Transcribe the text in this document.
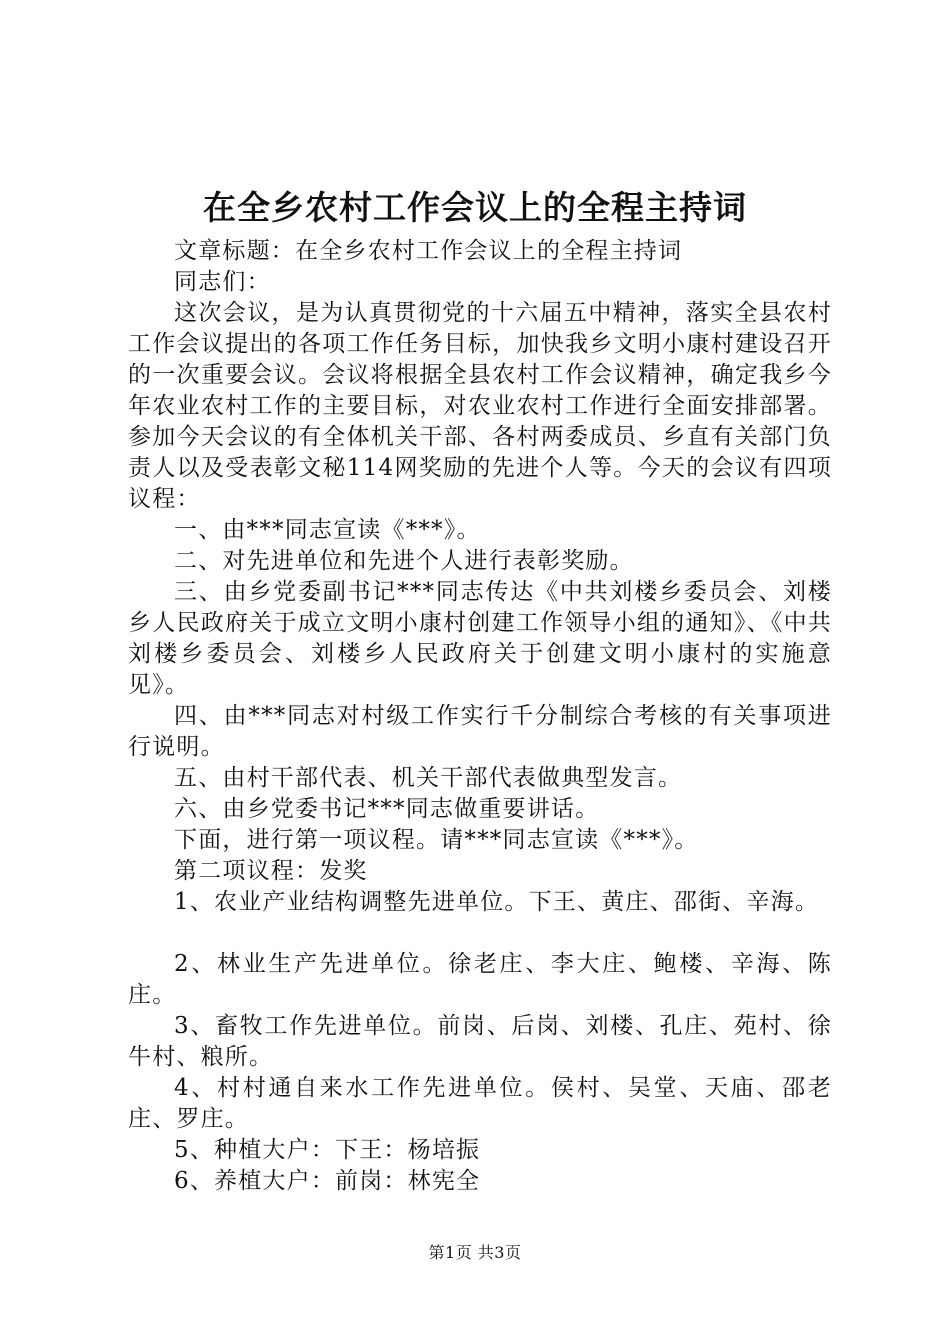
在全乡农村工作会议上的全程主持词

文章标题：在全乡农村工作会议上的全程主持词

同志们：

这次会议，是为认真贯彻党的十六届五中精神，落实全县农村工作会议提出的各项工作任务目标，加快我乡文明小康村建设召开的一次重要会议。会议将根据全县农村工作会议精神，确定我乡今年农业农村工作的主要目标，对农业农村工作进行全面安排部署。参加今天会议的有全体机关干部、各村两委成员、乡直有关部门负责人以及受表彰文秘114网奖励的先进个人等。今天的会议有四项议程：

一、由***同志宣读《***》。

二、对先进单位和先进个人进行表彰奖励。

三、由乡党委副书记***同志传达《中共刘楼乡委员会、刘楼乡人民政府关于成立文明小康村创建工作领导小组的通知》、《中共刘楼乡委员会、刘楼乡人民政府关于创建文明小康村的实施意见》。

四、由***同志对村级工作实行千分制综合考核的有关事项进行说明。

五、由村干部代表、机关干部代表做典型发言。

六、由乡党委书记***同志做重要讲话。

下面，进行第一项议程。请***同志宣读《***》。

第二项议程：发奖

1、农业产业结构调整先进单位。下王、黄庄、邵街、辛海。

2、林业生产先进单位。徐老庄、李大庄、鲍楼、辛海、陈庄。

3、畜牧工作先进单位。前岗、后岗、刘楼、孔庄、苑村、徐牛村、粮所。

4、村村通自来水工作先进单位。侯村、吴堂、天庙、邵老庄、罗庄。

5、种植大户：下王：杨培振

6、养植大户：前岗：林宪全

第1页 共3页
